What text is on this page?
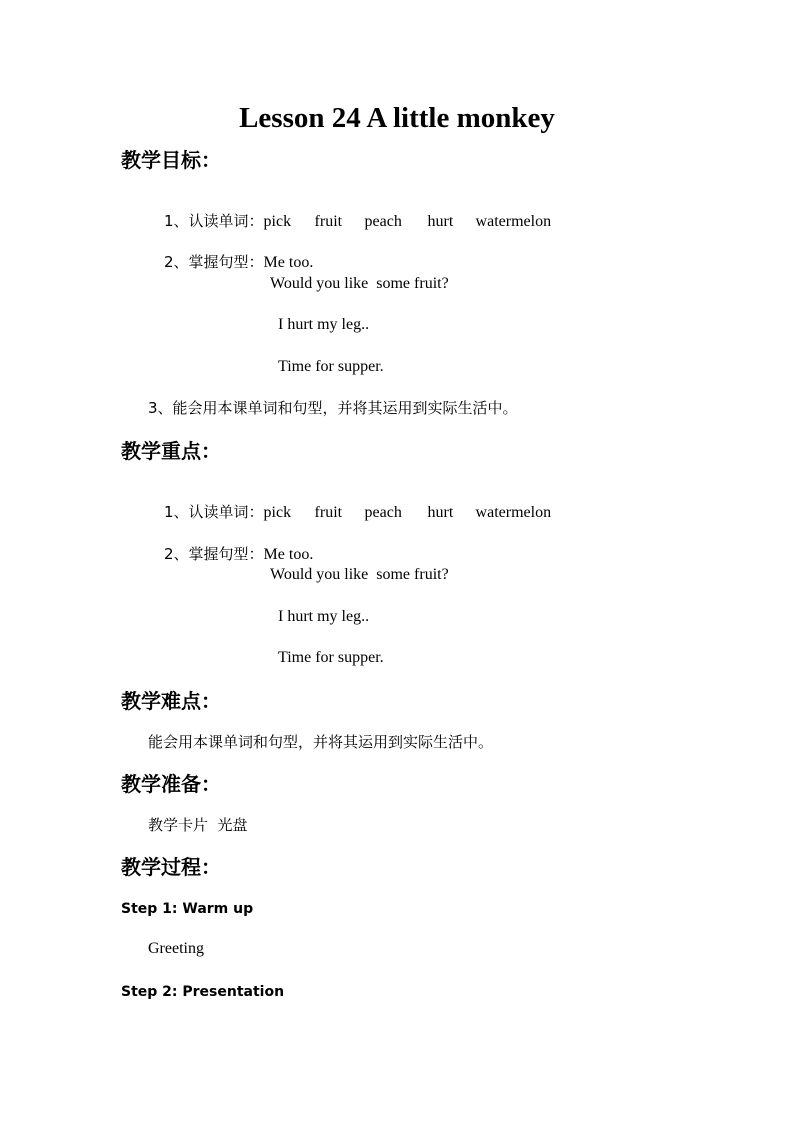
Lesson 24 A little monkey
教学目标：

1、认读单词：pick fruit peach hurt watermelon

2、掌握句型：Me too.

Would you like  some fruit?
I hurt my leg..
Time for supper.
3、能会用本课单词和句型，并将其运用到实际生活中。
教学重点：

1、认读单词：pick fruit peach hurt watermelon

2、掌握句型：Me too.

Would you like  some fruit?
I hurt my leg..
Time for supper.
教学难点：
能会用本课单词和句型，并将其运用到实际生活中。
教学准备：
教学卡片  光盘
教学过程：
Step 1: Warm up
Greeting
Step 2: Presentation
